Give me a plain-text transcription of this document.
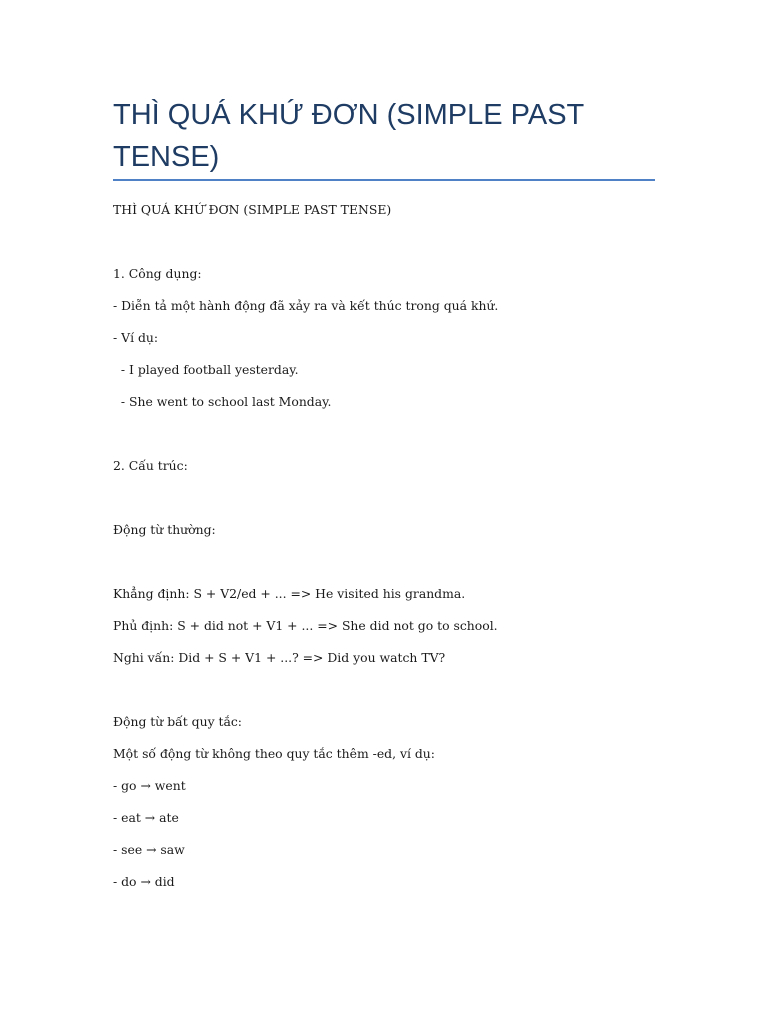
THÌ QUÁ KHỨ ĐƠN (SIMPLE PAST TENSE)

THÌ QUÁ KHỨ ĐƠN (SIMPLE PAST TENSE)

1. Công dụng:

- Diễn tả một hành động đã xảy ra và kết thúc trong quá khứ.

- Ví dụ:

- I played football yesterday.

- She went to school last Monday.

2. Cấu trúc:

Động từ thường:

Khẳng định: S + V2/ed + ... => He visited his grandma.

Phủ định: S + did not + V1 + ... => She did not go to school.

Nghi vấn: Did + S + V1 + ...? => Did you watch TV?

Động từ bất quy tắc:

Một số động từ không theo quy tắc thêm -ed, ví dụ:

- go → went

- eat → ate

- see → saw

- do → did
